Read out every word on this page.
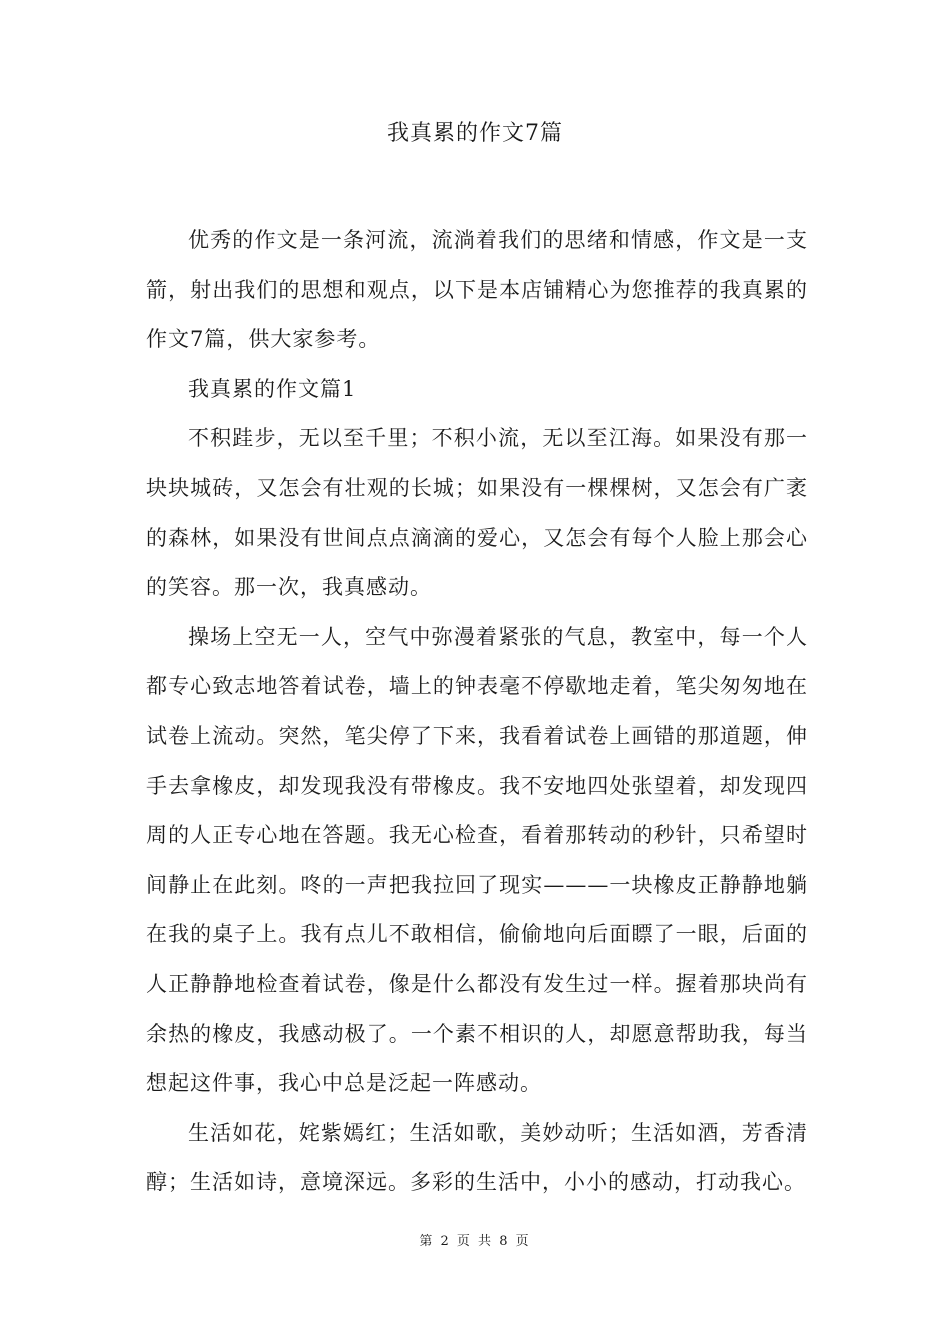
我真累的作文7篇

优秀的作文是一条河流，流淌着我们的思绪和情感，作文是一支箭，射出我们的思想和观点，以下是本店铺精心为您推荐的我真累的作文7篇，供大家参考。

我真累的作文篇1

不积跬步，无以至千里；不积小流，无以至江海。如果没有那一块块城砖，又怎会有壮观的长城；如果没有一棵棵树，又怎会有广袤的森林，如果没有世间点点滴滴的爱心，又怎会有每个人脸上那会心的笑容。那一次，我真感动。

操场上空无一人，空气中弥漫着紧张的气息，教室中，每一个人都专心致志地答着试卷，墙上的钟表毫不停歇地走着，笔尖匆匆地在试卷上流动。突然，笔尖停了下来，我看着试卷上画错的那道题，伸手去拿橡皮，却发现我没有带橡皮。我不安地四处张望着，却发现四周的人正专心地在答题。我无心检查，看着那转动的秒针，只希望时间静止在此刻。咚的一声把我拉回了现实———一块橡皮正静静地躺在我的桌子上。我有点儿不敢相信，偷偷地向后面瞟了一眼，后面的人正静静地检查着试卷，像是什么都没有发生过一样。握着那块尚有余热的橡皮，我感动极了。一个素不相识的人，却愿意帮助我，每当想起这件事，我心中总是泛起一阵感动。

生活如花，姹紫嫣红；生活如歌，美妙动听；生活如酒，芳香清醇；生活如诗，意境深远。多彩的生活中，小小的感动，打动我心。

第 2 页 共 8 页
